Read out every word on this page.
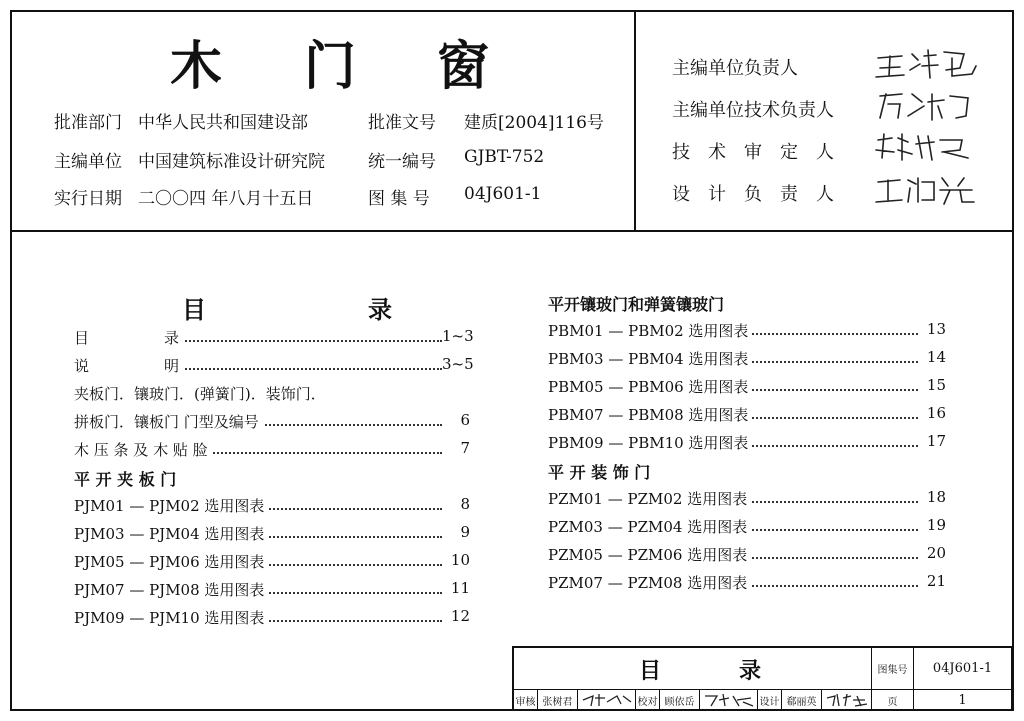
木 门 窗
批准部门 中华人民共和国建设部	批准文号 建质[2004]116号
主编单位 中国建筑标准设计研究院	统一编号 GJBT-752
实行日期 二〇〇四 年八月十五日	图 集 号 04J601-1
主编单位负责人
主编单位技术负责人
技　术　审　定　人
设　计　负　责　人
目	录
目　　　　　录	1~3
说　　　　　明	3~5
夹板门．镶玻门．(弹簧门)．装饰门．
拼板门．镶板门 门型及编号	6
木 压 条 及 木 贴 脸	7
平 开 夹 板 门
PJM01 — PJM02 选用图表	8
PJM03 — PJM04 选用图表	9
PJM05 — PJM06 选用图表	10
PJM07 — PJM08 选用图表	11
PJM09 — PJM10 选用图表	12
平开镶玻门和弹簧镶玻门
PBM01 — PBM02 选用图表	13
PBM03 — PBM04 选用图表	14
PBM05 — PBM06 选用图表	15
PBM07 — PBM08 选用图表	16
PBM09 — PBM10 选用图表	17
平 开 装 饰 门
PZM01 — PZM02 选用图表	18
PZM03 — PZM04 选用图表	19
PZM05 — PZM06 选用图表	20
PZM07 — PZM08 选用图表	21
目	录	图集号	04J601-1
审核 张树君	校对 顾依岳	设计 郗丽英	页	1
